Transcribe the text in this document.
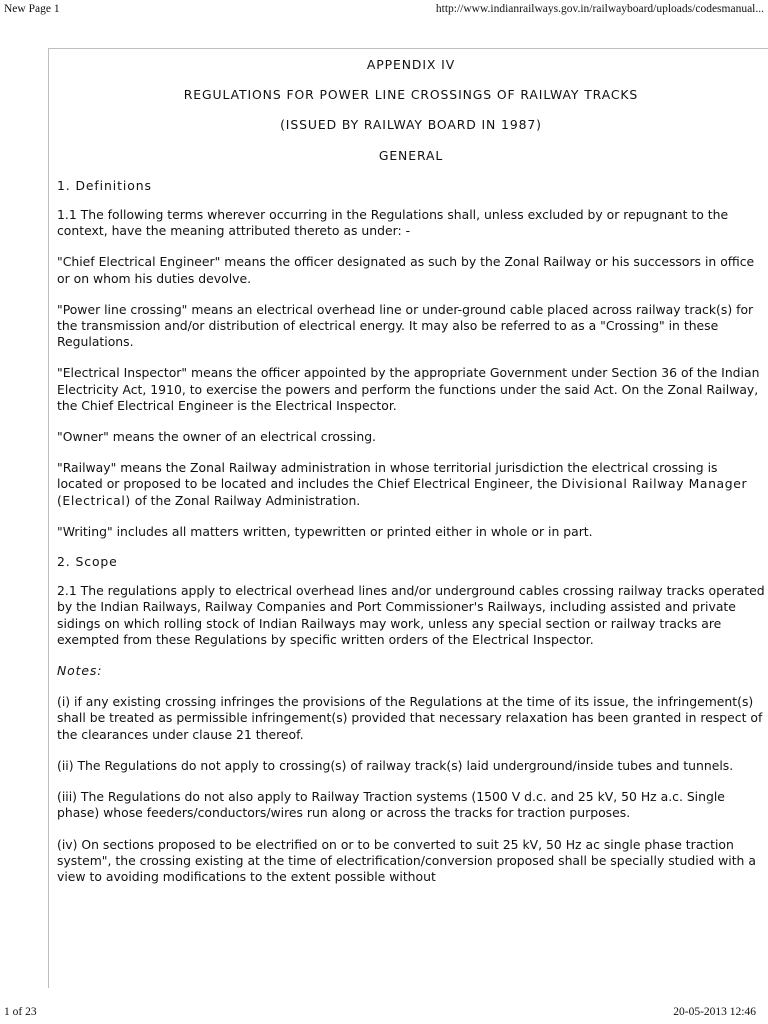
New Page 1	http://www.indianrailways.gov.in/railwayboard/uploads/codesmanual...

APPENDIX IV

REGULATIONS FOR POWER LINE CROSSINGS OF RAILWAY TRACKS

(ISSUED BY RAILWAY BOARD IN 1987)

GENERAL

1. Definitions

1.1 The following terms wherever occurring in the Regulations shall, unless excluded by or repugnant to the context, have the meaning attributed thereto as under: -

"Chief Electrical Engineer" means the officer designated as such by the Zonal Railway or his successors in office or on whom his duties devolve.

"Power line crossing" means an electrical overhead line or under-ground cable placed across railway track(s) for the transmission and/or distribution of electrical energy. It may also be referred to as a "Crossing" in these Regulations.

"Electrical Inspector" means the officer appointed by the appropriate Government under Section 36 of the Indian Electricity Act, 1910, to exercise the powers and perform the functions under the said Act. On the Zonal Railway, the Chief Electrical Engineer is the Electrical Inspector.

"Owner" means the owner of an electrical crossing.

"Railway" means the Zonal Railway administration in whose territorial jurisdiction the electrical crossing is located or proposed to be located and includes the Chief Electrical Engineer, the Divisional Railway Manager (Electrical) of the Zonal Railway Administration.

"Writing" includes all matters written, typewritten or printed either in whole or in part.

2. Scope

2.1 The regulations apply to electrical overhead lines and/or underground cables crossing railway tracks operated by the Indian Railways, Railway Companies and Port Commissioner's Railways, including assisted and private sidings on which rolling stock of Indian Railways may work, unless any special section or railway tracks are exempted from these Regulations by specific written orders of the Electrical Inspector.

Notes:

(i) if any existing crossing infringes the provisions of the Regulations at the time of its issue, the infringement(s) shall be treated as permissible infringement(s) provided that necessary relaxation has been granted in respect of the clearances under clause 21 thereof.

(ii) The Regulations do not apply to crossing(s) of railway track(s) laid underground/inside tubes and tunnels.

(iii) The Regulations do not also apply to Railway Traction systems (1500 V d.c. and 25 kV, 50 Hz a.c. Single phase) whose feeders/conductors/wires run along or across the tracks for traction purposes.

(iv) On sections proposed to be electrified on or to be converted to suit 25 kV, 50 Hz ac single phase traction system", the crossing existing at the time of electrification/conversion proposed shall be specially studied with a view to avoiding modifications to the extent possible without

1 of 23	20-05-2013 12:46
